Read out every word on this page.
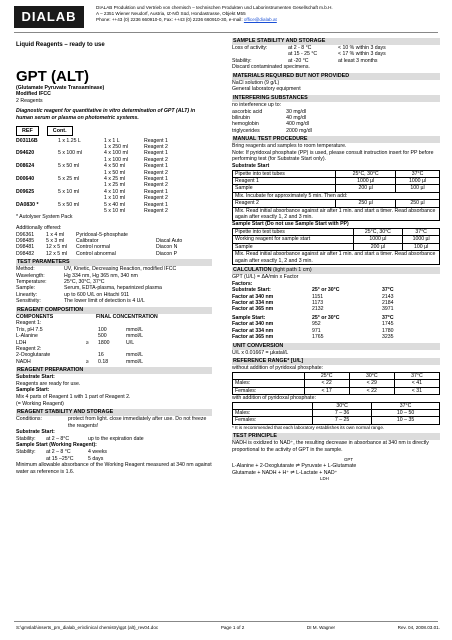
DIALAB
DIALAB Produktion und Vertrieb von chemisch – technischen Produkten und Laborinstrumenten Gesellschaft m.b.H.
A – 2351 Wiener Neudorf, Austria, IZ-NÖ Süd, Hondastrasse, Objekt M55
Phone: ++43 (0) 2236 660910-0, Fax: ++43 (0) 2236 660910-30, e-mail: office@dialab.at
Liquid Reagents – ready to use
GPT (ALT)
(Glutamate Pyruvate Transaminase)
Modified IFCC
2 Reagents
Diagnostic reagent for quantitative in vitro determination of GPT (ALT) in human serum or plasma on photometric systems.
REF	Cont.
D03116B	1 x 1.25 L	1 x 1 L	Reagent 1
		1 x 250 ml	Reagent 2
D94620	5 x 100 ml	4 x 100 ml	Reagent 1
		1 x 100 ml	Reagent 2
D08624	5 x 50 ml	4 x 50 ml	Reagent 1
		1 x 50 ml	Reagent 2
D00640	5 x 25 ml	4 x 25 ml	Reagent 1
		1 x 25 ml	Reagent 2
D09625	5 x 10 ml	4 x 10 ml	Reagent 1
		1 x 10 ml	Reagent 2
DA0830 *	5 x 50 ml	5 x 40 ml	Reagent 1
		5 x 10 ml	Reagent 2
* Autolyser System Pack
Additionally offered:
D96361	1 x 4 ml	Pyridoxal-5-phosphate	
D98485	5 x 3 ml	Calibrator	Diacal Auto
D98481	12 x 5 ml	Control normal	Diacon N
D98482	12 x 5 ml	Control abnormal	Diacon P
TEST PARAMETERS
Method:	UV, Kinetic, Decreasing Reaction, modified IFCC
Wavelength:	Hg 334 nm, Hg 365 nm, 340 nm
Temperature:	25°C, 30°C, 37°C
Sample:	Serum, EDTA-plasma, heparinized plasma
Linearity:	up to 600 U/L on Hitachi 911
Sensitivity:	The lower limit of detection is 4 U/L
REAGENT COMPOSITION
COMPONENTS	FINAL CONCENTRATION
Reagent 1:			
Tris, pH 7.5		100	mmol/L
L-Alanine		500	mmol/L
LDH	≥	1800	U/L
Reagent 2:			
2-Oxoglutarate		16	mmol/L
NADH	≥	0.18	mmol/L
REAGENT PREPARATION
Substrate Start:
Reagents are ready for use.
Sample Start:
Mix 4 parts of Reagent 1 with 1 part of Reagent 2.
(= Working Reagent)
REAGENT STABILITY AND STORAGE
Conditions:	protect from light. close immediately after use. Do not freeze the reagents!
Substrate Start:
Stability:	at 2 – 8°C	up to the expiration date
Sample Start (Working Reagent):
Stability:	at 2 – 8 °C	4 weeks
at 15 –25°C	5 days
Minimum allowable absorbance of the Working Reagent measured at 340 nm against water as reference is 1.6.
SAMPLE STABILITY AND STORAGE
Loss of activity:	at 2 - 8 °C	< 10 % within 3 days
	at 15 - 25 °C	< 17 % within 3 days
Stability:	at -20 °C	at least 3 months
Discard contaminated specimens.
MATERIALS REQUIRED BUT NOT PROVIDED
NaCl solution (9 g/L)
General laboratory equipment
INTERFERING SUBSTANCES
no interference up to:
ascorbic acid	30 mg/dl
bilirubin	40 mg/dl
hemoglobin	400 mg/dl
triglycerides	2000 mg/dl
MANUAL TEST PROCEDURE
Bring reagents and samples to room temperature.
Note: If pyridoxal phosphate (PP) is used, please consult instruction insert for PP before performing test (for Substrate Start only).
Substrate Start
Pipette into test tubes	25°C, 30°C	37°C
Reagent 1	1000 µl	1000 µl
Sample	200 µl	100 µl
Mix. Incubate for approximately 5 min. Then add:		
Reagent 2	250 µl	250 µl
Mix. Read initial absorbance against air after 1 min. and start a timer. Read absorbance again after exactly 1, 2 and 3 min.		
Sample Start (Do not use Sample Start with PP)
Pipette into test tubes	25°C, 30°C	37°C
Working reagent for sample start	1000 µl	1000 µl
Sample	200 µl	100 µl
Mix. Read initial absorbance against air after 1 min. and start a timer. Read absorbance again after exactly 1, 2 and 3 min.		
CALCULATION (light path 1 cm)
GPT (U/L) = ΔA/min x Factor
Factors:
Substrate Start:	25° or 30°C	37°C
Factor at 340 nm	1151	2143
Factor at 334 nm	1173	2184
Factor at 365 nm	2132	3971
Sample Start:	25° or 30°C	37°C
Factor at 340 nm	952	1745
Factor at 334 nm	971	1780
Factor at 365 nm	1765	3235
UNIT CONVERSION
U/L x 0.01667 = µkatal/L
REFERENCE RANGE* [U/L]
without addition of pyridoxal phosphate:
	25°C	30°C	37°C
Males:	< 22	< 29	< 41
Females:	< 17	< 22	< 31
with addition of pyridoxal phosphate:
	30°C	37°C
Males:	7 – 36	10 – 50
Females:	7 – 25	10 – 35
* It is recommended that each laboratory establishes its own normal range.
TEST PRINCIPLE
NADH is oxidized to NAD⁺, the resulting decrease in absorbance at 340 nm is directly proportional to the activity of GPT in the sample.
GPT
L-Alanine + 2-Oxoglutarate ⇌ Pyruvate + L-Glutamate
Glutamate + NADH + H⁺ ⇌ L-Lactate + NAD⁺
LDH
S:\gmslab\inserts_pm_dialab_en\clinical chemistry\gpt (alt)_rev04.doc	Page 1 of 2	DI M. Wagner	Rev. 04, 2008.03.01.
